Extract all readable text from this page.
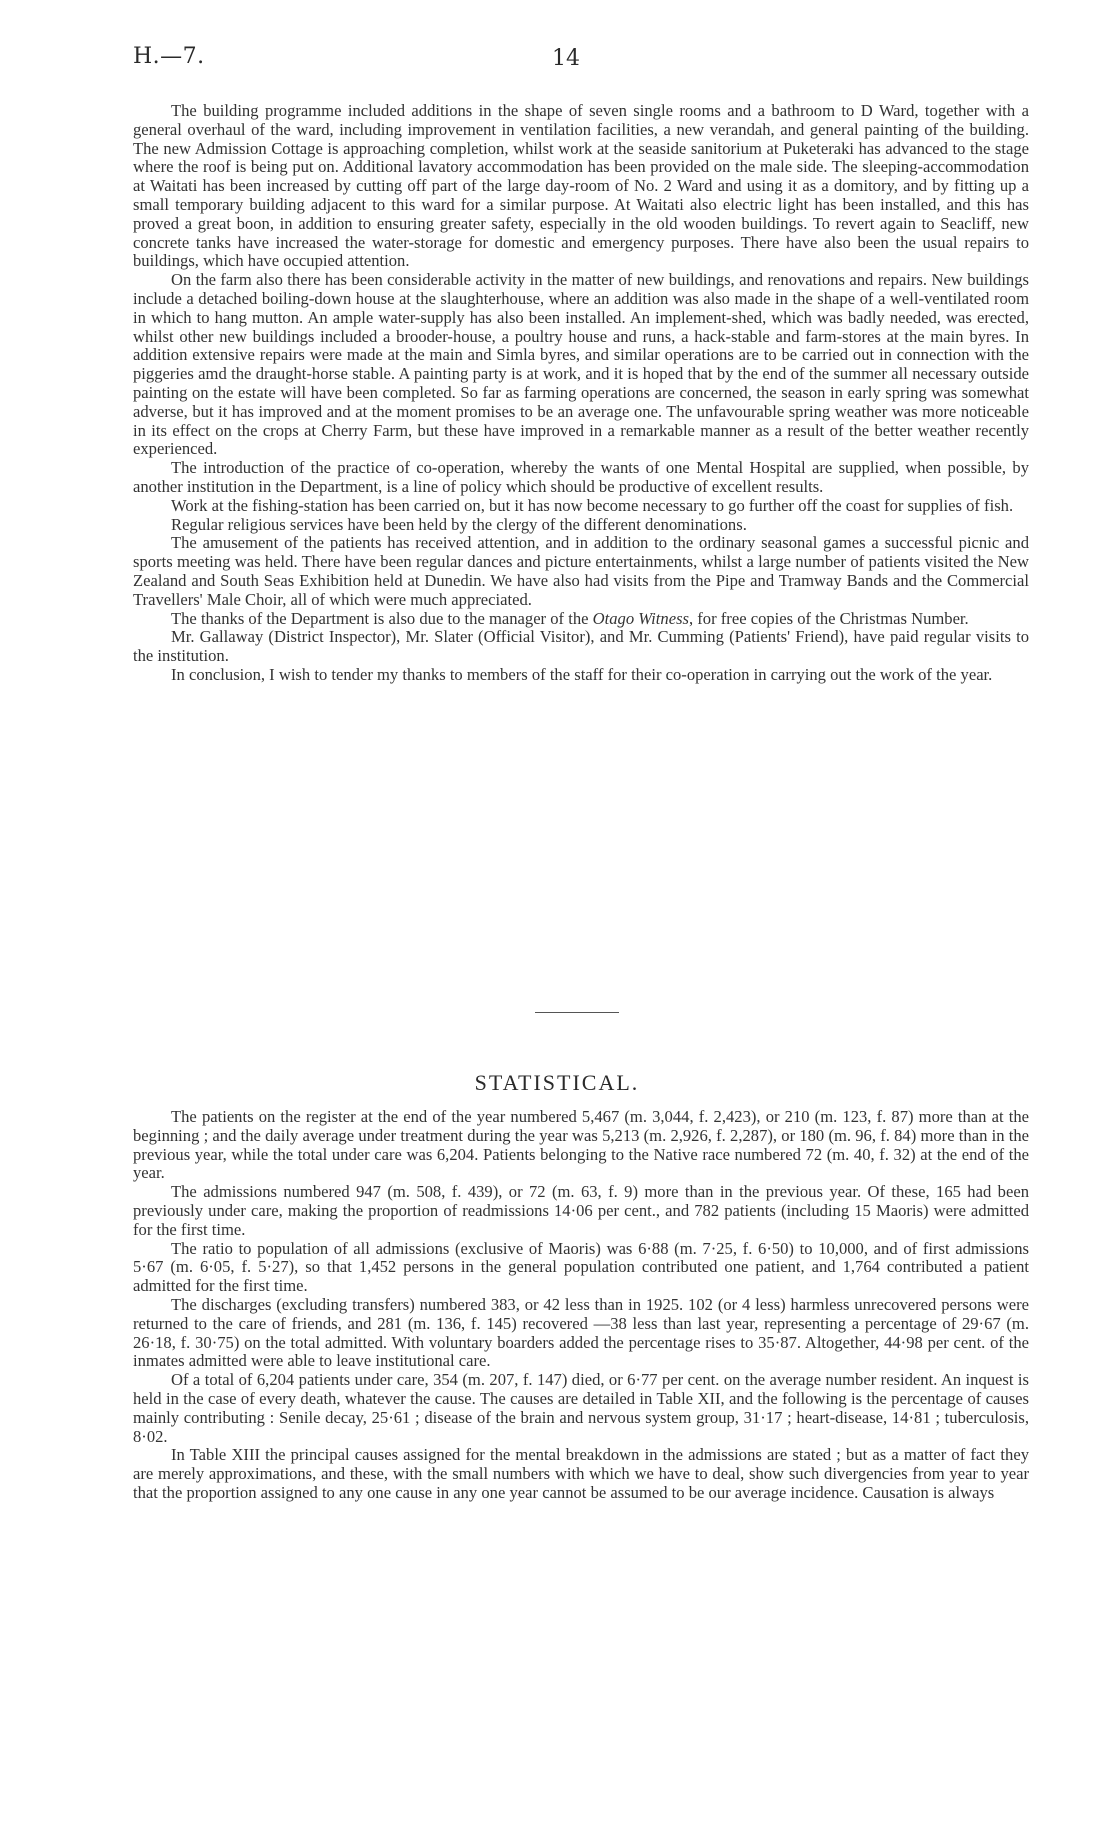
H.—7.	14

The building programme included additions in the shape of seven single rooms and a bathroom to D Ward, together with a general overhaul of the ward, including improvement in ventilation facilities, a new verandah, and general painting of the building. The new Admission Cottage is approaching completion, whilst work at the seaside sanitorium at Puketeraki has advanced to the stage where the roof is being put on. Additional lavatory accommodation has been provided on the male side. The sleeping-accommodation at Waitati has been increased by cutting off part of the large day-room of No. 2 Ward and using it as a domitory, and by fitting up a small temporary building adjacent to this ward for a similar purpose. At Waitati also electric light has been installed, and this has proved a great boon, in addition to ensuring greater safety, especially in the old wooden buildings. To revert again to Seacliff, new concrete tanks have increased the water-storage for domestic and emergency purposes. There have also been the usual repairs to buildings, which have occupied attention.

On the farm also there has been considerable activity in the matter of new buildings, and renovations and repairs. New buildings include a detached boiling-down house at the slaughterhouse, where an addition was also made in the shape of a well-ventilated room in which to hang mutton. An ample water-supply has also been installed. An implement-shed, which was badly needed, was erected, whilst other new buildings included a brooder-house, a poultry house and runs, a hack-stable and farm-stores at the main byres. In addition extensive repairs were made at the main and Simla byres, and similar operations are to be carried out in connection with the piggeries amd the draught-horse stable. A painting party is at work, and it is hoped that by the end of the summer all necessary outside painting on the estate will have been completed. So far as farming operations are concerned, the season in early spring was somewhat adverse, but it has improved and at the moment promises to be an average one. The unfavourable spring weather was more noticeable in its effect on the crops at Cherry Farm, but these have improved in a remarkable manner as a result of the better weather recently experienced.

The introduction of the practice of co-operation, whereby the wants of one Mental Hospital are supplied, when possible, by another institution in the Department, is a line of policy which should be productive of excellent results.

Work at the fishing-station has been carried on, but it has now become necessary to go further off the coast for supplies of fish.

Regular religious services have been held by the clergy of the different denominations.

The amusement of the patients has received attention, and in addition to the ordinary seasonal games a successful picnic and sports meeting was held. There have been regular dances and picture entertainments, whilst a large number of patients visited the New Zealand and South Seas Exhibition held at Dunedin. We have also had visits from the Pipe and Tramway Bands and the Commercial Travellers' Male Choir, all of which were much appreciated.

The thanks of the Department is also due to the manager of the Otago Witness, for free copies of the Christmas Number.

Mr. Gallaway (District Inspector), Mr. Slater (Official Visitor), and Mr. Cumming (Patients' Friend), have paid regular visits to the institution.

In conclusion, I wish to tender my thanks to members of the staff for their co-operation in carrying out the work of the year.

STATISTICAL.

The patients on the register at the end of the year numbered 5,467 (m. 3,044, f. 2,423), or 210 (m. 123, f. 87) more than at the beginning ; and the daily average under treatment during the year was 5,213 (m. 2,926, f. 2,287), or 180 (m. 96, f. 84) more than in the previous year, while the total under care was 6,204. Patients belonging to the Native race numbered 72 (m. 40, f. 32) at the end of the year.

The admissions numbered 947 (m. 508, f. 439), or 72 (m. 63, f. 9) more than in the previous year. Of these, 165 had been previously under care, making the proportion of readmissions 14·06 per cent., and 782 patients (including 15 Maoris) were admitted for the first time.

The ratio to population of all admissions (exclusive of Maoris) was 6·88 (m. 7·25, f. 6·50) to 10,000, and of first admissions 5·67 (m. 6·05, f. 5·27), so that 1,452 persons in the general population contributed one patient, and 1,764 contributed a patient admitted for the first time.

The discharges (excluding transfers) numbered 383, or 42 less than in 1925. 102 (or 4 less) harmless unrecovered persons were returned to the care of friends, and 281 (m. 136, f. 145) recovered —38 less than last year, representing a percentage of 29·67 (m. 26·18, f. 30·75) on the total admitted. With voluntary boarders added the percentage rises to 35·87. Altogether, 44·98 per cent. of the inmates admitted were able to leave institutional care.

Of a total of 6,204 patients under care, 354 (m. 207, f. 147) died, or 6·77 per cent. on the average number resident. An inquest is held in the case of every death, whatever the cause. The causes are detailed in Table XII, and the following is the percentage of causes mainly contributing : Senile decay, 25·61 ; disease of the brain and nervous system group, 31·17 ; heart-disease, 14·81 ; tuberculosis, 8·02.

In Table XIII the principal causes assigned for the mental breakdown in the admissions are stated ; but as a matter of fact they are merely approximations, and these, with the small numbers with which we have to deal, show such divergencies from year to year that the proportion assigned to any one cause in any one year cannot be assumed to be our average incidence. Causation is always
